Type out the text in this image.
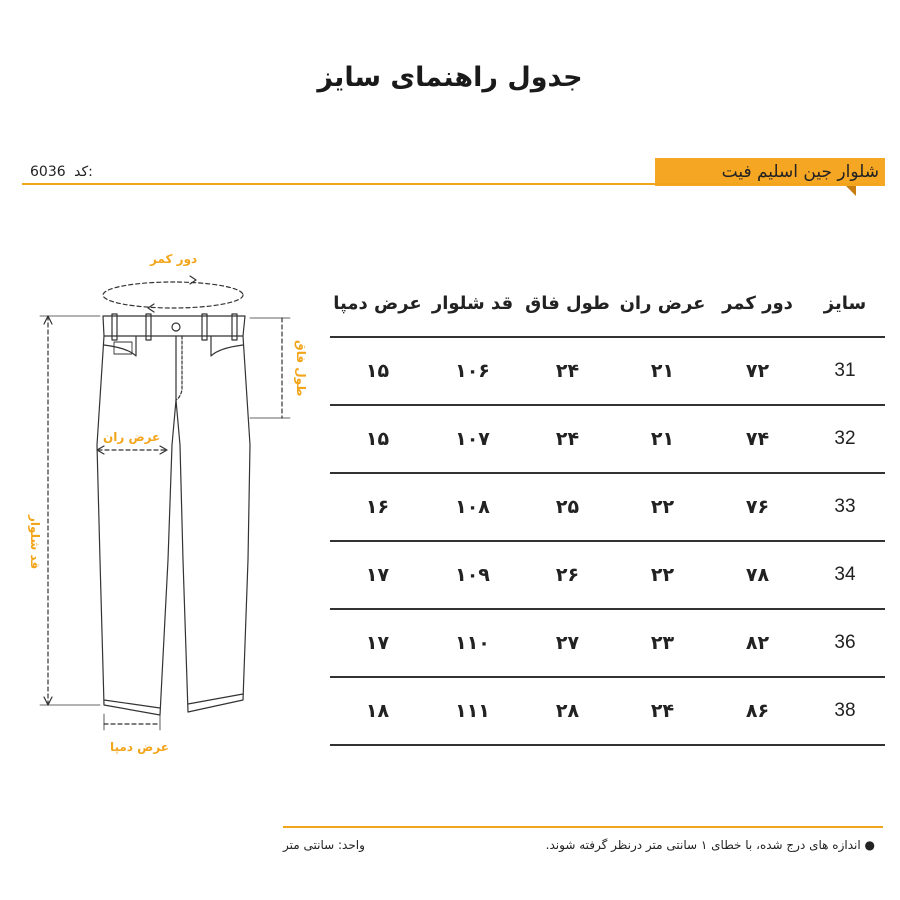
جدول راهنمای سایز
شلوار جین اسلیم فیت
6036 کد:
دور کمر
طول فاق
عرض ران
قد شلوار
عرض دمپا
سایز	دور کمر	عرض ران	طول فاق	قد شلوار	عرض دمپا
31	۷۲	۲۱	۲۴	۱۰۶	۱۵
32	۷۴	۲۱	۲۴	۱۰۷	۱۵
33	۷۶	۲۲	۲۵	۱۰۸	۱۶
34	۷۸	۲۲	۲۶	۱۰۹	۱۷
36	۸۲	۲۳	۲۷	۱۱۰	۱۷
38	۸۶	۲۴	۲۸	۱۱۱	۱۸
● اندازه های درج شده، با خطای ۱ سانتی متر درنظر گرفته شوند.
واحد: سانتی متر
